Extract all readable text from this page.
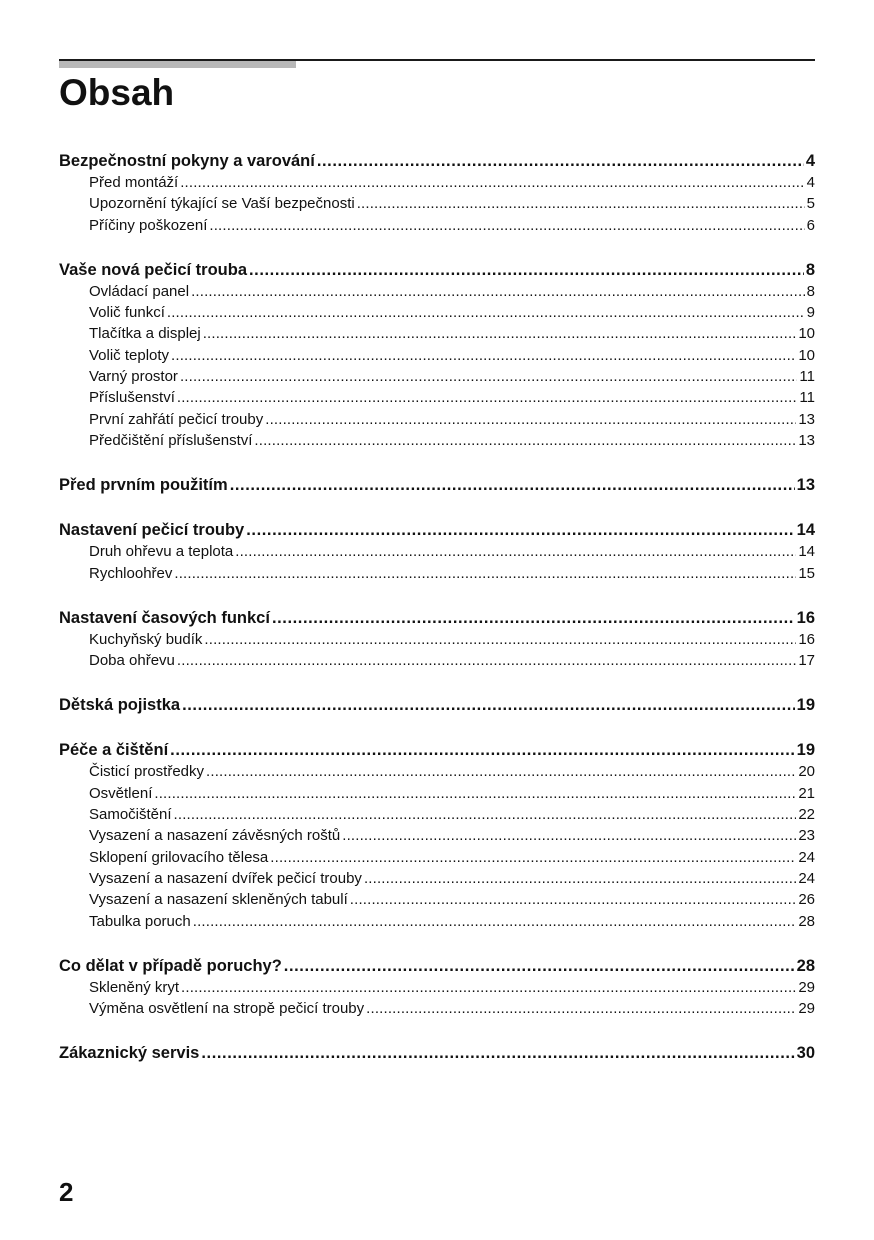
Obsah
Bezpečnostní pokyny a varování . . .	4
Před montáží . . .	4
Upozornění týkající se Vaší bezpečnosti . . .	5
Příčiny poškození . . .	6
Vaše nová pečicí trouba . . .	8
Ovládací panel . . .	8
Volič funkcí . . .	9
Tlačítka a displej . . .	10
Volič teploty . . .	10
Varný prostor . . .	11
Příslušenství . . .	11
První zahřátí pečicí trouby . . .	13
Předčištění příslušenství . . .	13
Před prvním použitím . . .	13
Nastavení pečicí trouby . . .	14
Druh ohřevu a teplota . . .	14
Rychloohřev . . .	15
Nastavení časových funkcí . . .	16
Kuchyňský budík . . .	16
Doba ohřevu . . .	17
Dětská pojistka . . .	19
Péče a čištění . . .	19
Čisticí prostředky . . .	20
Osvětlení . . .	21
Samočištění . . .	22
Vysazení a nasazení závěsných roštů . . .	23
Sklopení grilovacího tělesa . . .	24
Vysazení a nasazení dvířek pečicí trouby . . .	24
Vysazení a nasazení skleněných tabulí . . .	26
Tabulka poruch . . .	28
Co dělat v případě poruchy? . . .	28
Skleněný kryt . . .	29
Výměna osvětlení na stropě pečicí trouby . . .	29
Zákaznický servis . . .	30
2
